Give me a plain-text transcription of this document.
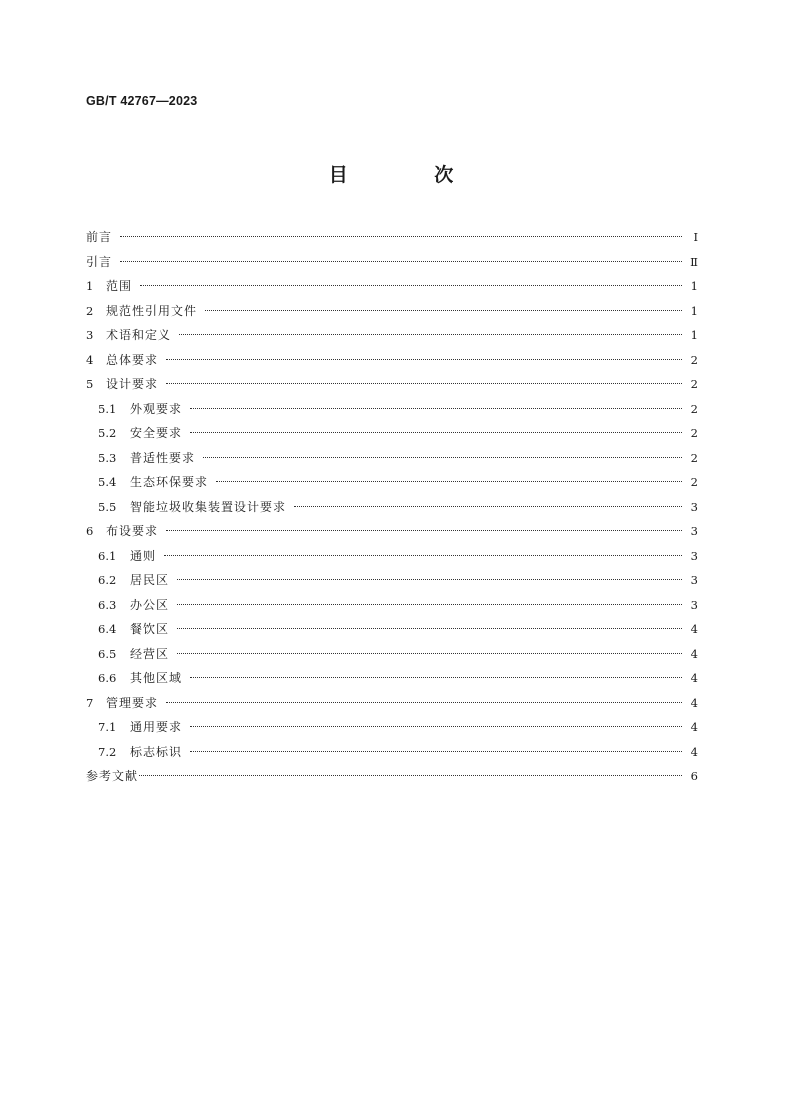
GB/T 42767—2023
目 次
前言	Ⅰ
引言	Ⅱ
1	范围	1
2	规范性引用文件	1
3	术语和定义	1
4	总体要求	2
5	设计要求	2
5.1	外观要求	2
5.2	安全要求	2
5.3	普适性要求	2
5.4	生态环保要求	2
5.5	智能垃圾收集装置设计要求	3
6	布设要求	3
6.1	通则	3
6.2	居民区	3
6.3	办公区	3
6.4	餐饮区	4
6.5	经营区	4
6.6	其他区域	4
7	管理要求	4
7.1	通用要求	4
7.2	标志标识	4
参考文献	6
